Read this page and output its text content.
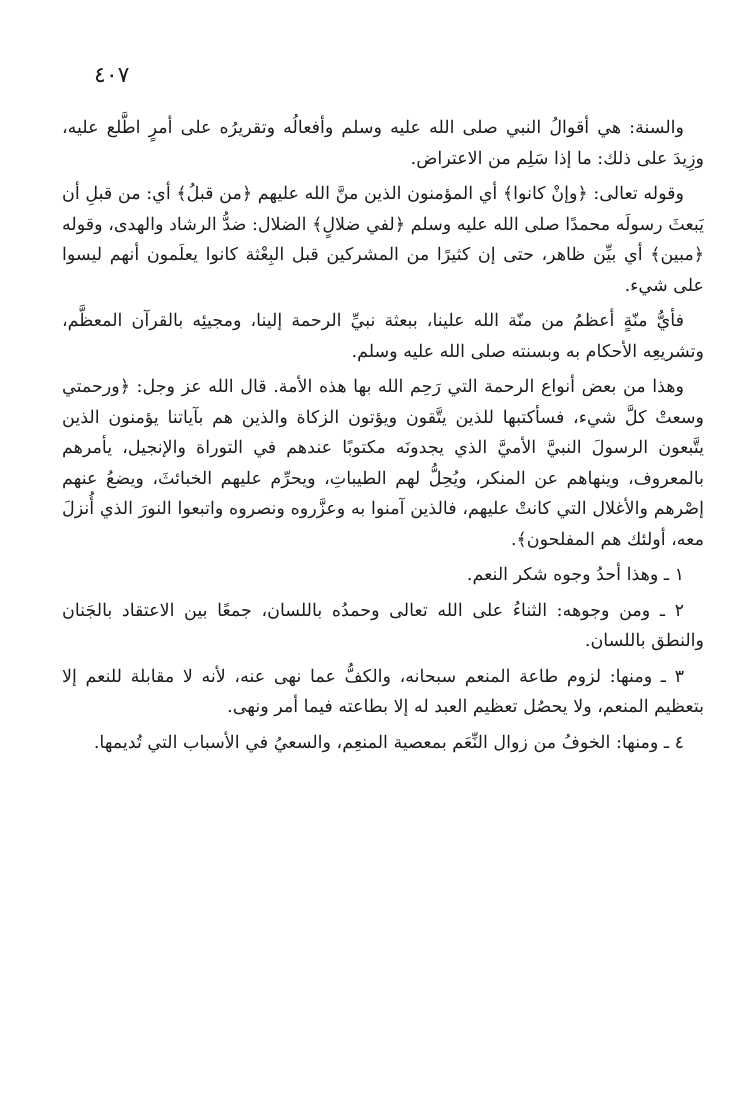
٤٠٧

والسنة: هي أقوالُ النبي صلى الله عليه وسلم وأفعالُه وتقريرُه على أمرٍ اطَّلع عليه، وزِيدَ على ذلك: ما إذا سَلِم من الاعتراض.

وقوله تعالى: ﴿وإنْ كانوا﴾ أي المؤمنون الذين منَّ الله عليهم ﴿من قبلُ﴾ أي: من قبلِ أن يَبعثَ رسولَه محمدًا صلى الله عليه وسلم ﴿لفي ضلالٍ﴾ الضلال: ضدُّ الرشاد والهدى، وقوله ﴿مبين﴾ أي بيِّن ظاهر، حتى إن كثيرًا من المشركين قبل البِعْثة كانوا يعلَمون أنهم ليسوا على شيء.

فأيُّ منّةٍ أعظمُ من منّة الله علينا، ببعثة نبيِّ الرحمة إلينا، ومجيئِه بالقرآن المعظَّم، وتشريعِه الأحكام به وبسنته صلى الله عليه وسلم.

وهذا من بعض أنواع الرحمة التي رَحِم الله بها هذه الأمة. قال الله عز وجل: ﴿ورحمتي وسعتْ كلَّ شيء، فسأكتبها للذين يتَّقون ويؤتون الزكاة والذين هم بآياتنا يؤمنون الذين يتَّبعون الرسولَ النبيَّ الأميَّ الذي يجدونَه مكتوبًا عندهم في التوراة والإنجيل، يأمرهم بالمعروف، وينهاهم عن المنكر، ويُحِلُّ لهم الطيباتِ، ويحرِّم عليهم الخبائثَ، ويضعُ عنهم إصْرهم والأغلال التي كانتْ عليهم، فالذين آمنوا به وعزَّروه ونصروه واتبعوا النورَ الذي أُنزلَ معه، أولئك هم المفلحون﴾.

١ ـ وهذا أحدُ وجوه شكر النعم.

٢ ـ ومن وجوهه: الثناءُ على الله تعالى وحمدُه باللسان، جمعًا بين الاعتقاد بالجَنان والنطق باللسان.

٣ ـ ومنها: لزوم طاعة المنعم سبحانه، والكفُّ عما نهى عنه، لأنه لا مقابلة للنعم إلا بتعظيم المنعم، ولا يحصُل تعظيم العبد له إلا بطاعته فيما أمر ونهى.

٤ ـ ومنها: الخوفُ من زوال النِّعَم بمعصية المنعِم، والسعيُ في الأسباب التي تُديمها.
